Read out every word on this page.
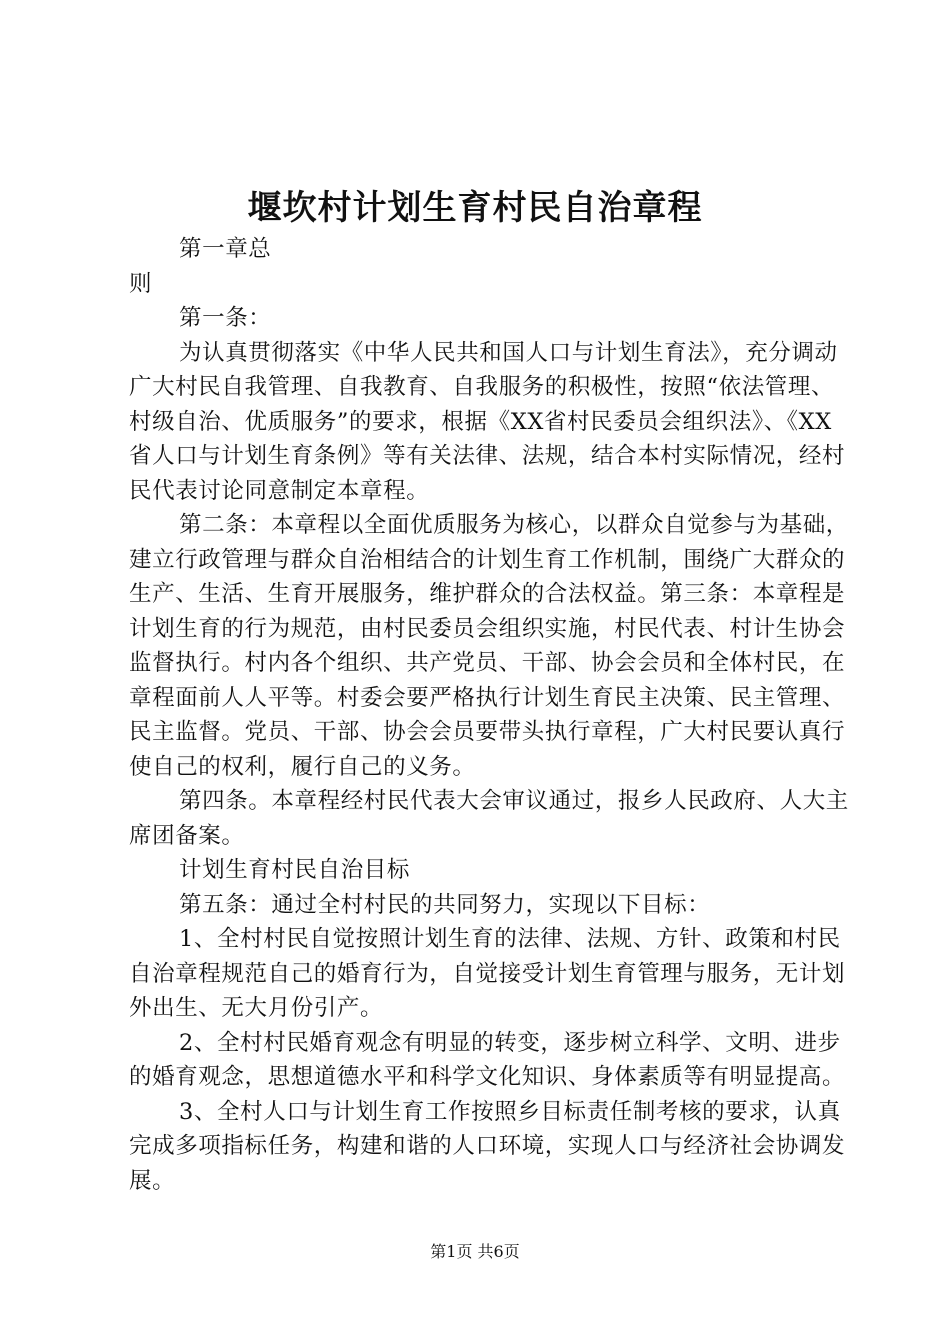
堰坎村计划生育村民自治章程

第一章总则

第一条：

为认真贯彻落实《中华人民共和国人口与计划生育法》，充分调动广大村民自我管理、自我教育、自我服务的积极性，按照“依法管理、村级自治、优质服务”的要求，根据《XX省村民委员会组织法》、《XX省人口与计划生育条例》等有关法律、法规，结合本村实际情况，经村民代表讨论同意制定本章程。

第二条：本章程以全面优质服务为核心，以群众自觉参与为基础，建立行政管理与群众自治相结合的计划生育工作机制，围绕广大群众的生产、生活、生育开展服务，维护群众的合法权益。第三条：本章程是计划生育的行为规范，由村民委员会组织实施，村民代表、村计生协会监督执行。村内各个组织、共产党员、干部、协会会员和全体村民，在章程面前人人平等。村委会要严格执行计划生育民主决策、民主管理、民主监督。党员、干部、协会会员要带头执行章程，广大村民要认真行使自己的权利，履行自己的义务。

第四条。本章程经村民代表大会审议通过，报乡人民政府、人大主席团备案。

计划生育村民自治目标

第五条：通过全村村民的共同努力，实现以下目标：

1、全村村民自觉按照计划生育的法律、法规、方针、政策和村民自治章程规范自己的婚育行为，自觉接受计划生育管理与服务，无计划外出生、无大月份引产。

2、全村村民婚育观念有明显的转变，逐步树立科学、文明、进步的婚育观念，思想道德水平和科学文化知识、身体素质等有明显提高。

3、全村人口与计划生育工作按照乡目标责任制考核的要求，认真完成多项指标任务，构建和谐的人口环境，实现人口与经济社会协调发展。

第1页 共6页
